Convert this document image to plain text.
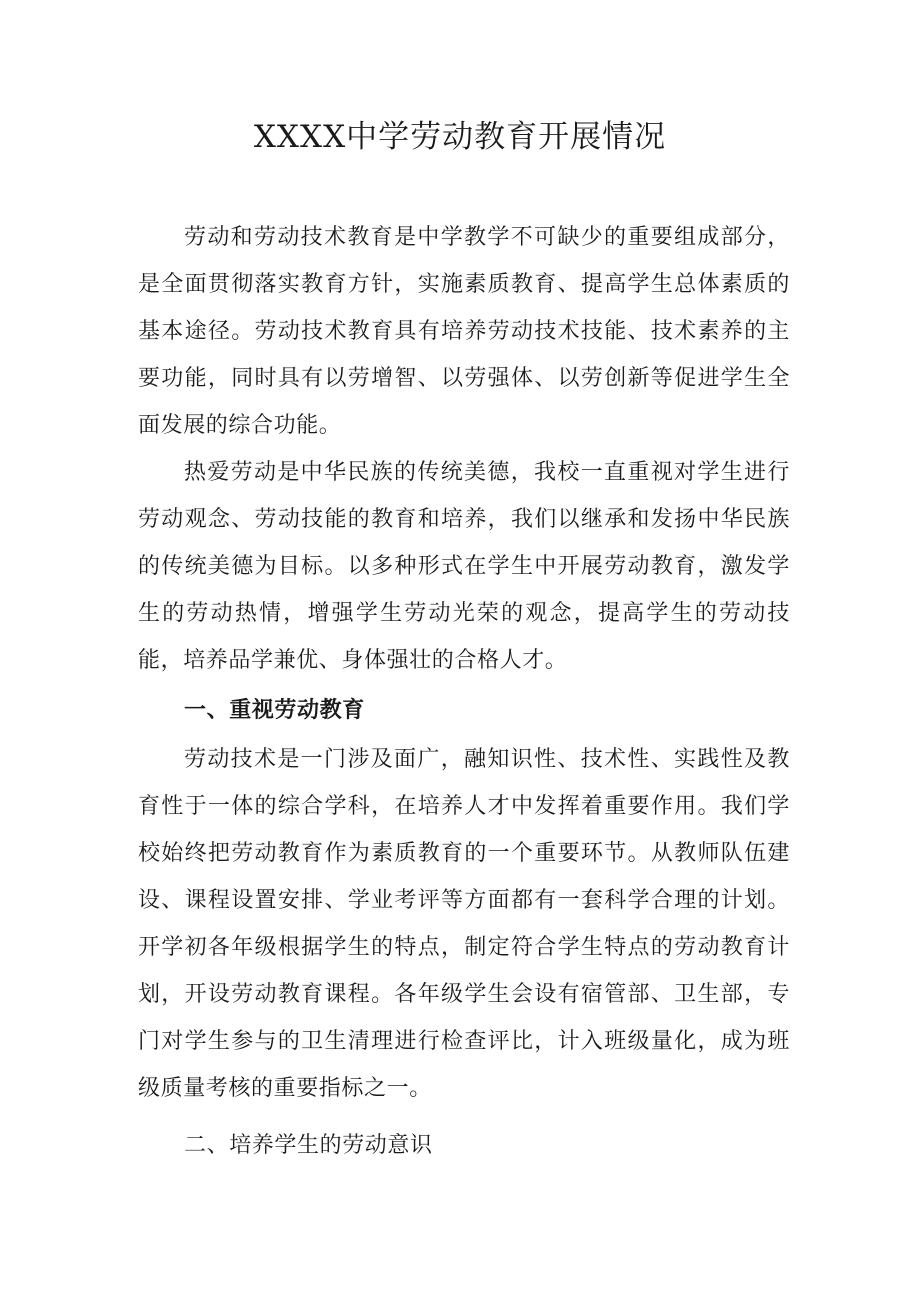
XXXX中学劳动教育开展情况

劳动和劳动技术教育是中学教学不可缺少的重要组成部分，是全面贯彻落实教育方针，实施素质教育、提高学生总体素质的基本途径。劳动技术教育具有培养劳动技术技能、技术素养的主要功能，同时具有以劳增智、以劳强体、以劳创新等促进学生全面发展的综合功能。

热爱劳动是中华民族的传统美德，我校一直重视对学生进行劳动观念、劳动技能的教育和培养，我们以继承和发扬中华民族的传统美德为目标。以多种形式在学生中开展劳动教育，激发学生的劳动热情，增强学生劳动光荣的观念，提高学生的劳动技能，培养品学兼优、身体强壮的合格人才。

一、重视劳动教育

劳动技术是一门涉及面广，融知识性、技术性、实践性及教育性于一体的综合学科，在培养人才中发挥着重要作用。我们学校始终把劳动教育作为素质教育的一个重要环节。从教师队伍建设、课程设置安排、学业考评等方面都有一套科学合理的计划。开学初各年级根据学生的特点，制定符合学生特点的劳动教育计划，开设劳动教育课程。各年级学生会设有宿管部、卫生部，专门对学生参与的卫生清理进行检查评比，计入班级量化，成为班级质量考核的重要指标之一。

二、培养学生的劳动意识
